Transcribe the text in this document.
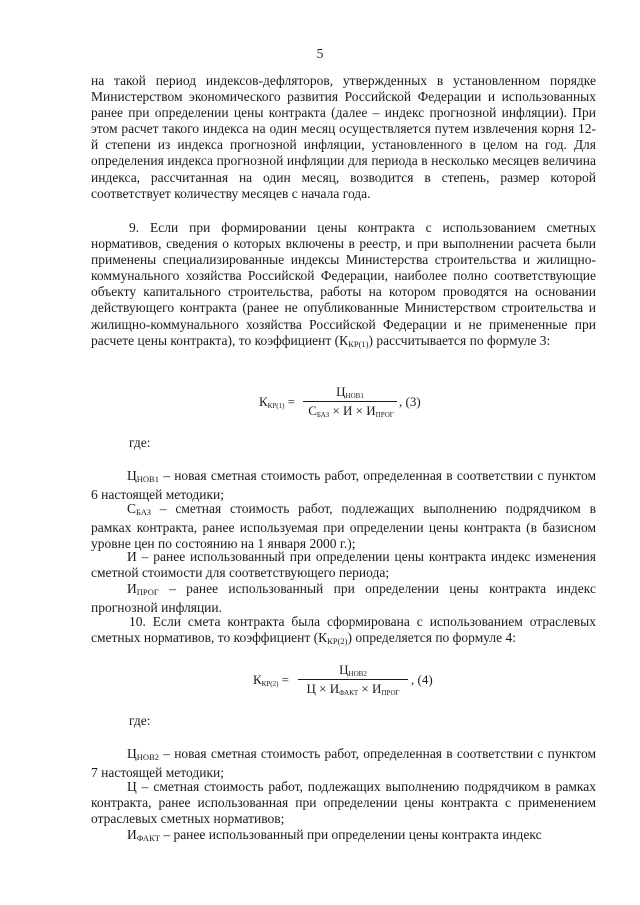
5
на такой период индексов-дефляторов, утвержденных в установленном порядке Министерством экономического развития Российской Федерации и использованных ранее при определении цены контракта (далее – индекс прогнозной инфляции). При этом расчет такого индекса на один месяц осуществляется путем извлечения корня 12-й степени из индекса прогнозной инфляции, установленного в целом на год. Для определения индекса прогнозной инфляции для периода в несколько месяцев величина индекса, рассчитанная на один месяц, возводится в степень, размер которой соответствует количеству месяцев с начала года.
9. Если при формировании цены контракта с использованием сметных нормативов, сведения о которых включены в реестр, и при выполнении расчета были применены специализированные индексы Министерства строительства и жилищно-коммунального хозяйства Российской Федерации, наиболее полно соответствующие объекту капитального строительства, работы на котором проводятся на основании действующего контракта (ранее не опубликованные Министерством строительства и жилищно-коммунального хозяйства Российской Федерации и не примененные при расчете цены контракта), то коэффициент $(К_{КР(1)})$ рассчитывается по формуле 3:
ККР(1) =
ЦНОВ1
СБАЗ × И × ИПРОГ
, (3)
где:
$Ц_{НОВ1}$ – новая сметная стоимость работ, определенная в соответствии с пунктом 6 настоящей методики;
$С_{БАЗ}$ – сметная стоимость работ, подлежащих выполнению подрядчиком в рамках контракта, ранее используемая при определении цены контракта (в базисном уровне цен по состоянию на 1 января 2000 г.);
И – ранее использованный при определении цены контракта индекс изменения сметной стоимости для соответствующего периода;
$И_{ПРОГ}$ – ранее использованный при определении цены контракта индекс прогнозной инфляции.
10. Если смета контракта была сформирована с использованием отраслевых сметных нормативов, то коэффициент $(К_{КР(2)})$ определяется по формуле 4:
ККР(2) =
ЦНОВ2
Ц × ИФАКТ × ИПРОГ
, (4)
где:
$Ц_{НОВ2}$ – новая сметная стоимость работ, определенная в соответствии с пунктом 7 настоящей методики;
Ц – сметная стоимость работ, подлежащих выполнению подрядчиком в рамках контракта, ранее использованная при определении цены контракта с применением отраслевых сметных нормативов;
$И_{ФАКТ}$ – ранее использованный при определении цены контракта индекс
